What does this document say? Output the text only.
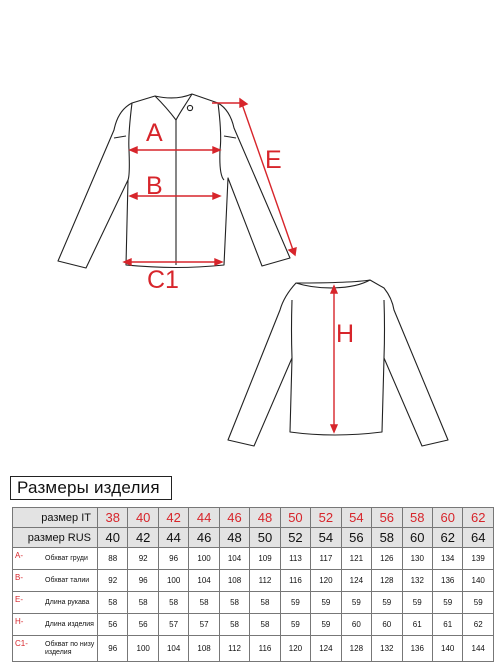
A
B
C1
E
H
Размеры изделия
размер IT	38	40	42	44	46	48	50	52	54	56	58	60	62
размер RUS	40	42	44	46	48	50	52	54	56	58	60	62	64

A- Обхват груди	88	92	96	100	104	109	113	117	121	126	130	134	139

B- Обхват талии	92	96	100	104	108	112	116	120	124	128	132	136	140

E- Длина рукава	58	58	58	58	58	58	59	59	59	59	59	59	59

H- Длина изделия	56	56	57	57	58	58	59	59	60	60	61	61	62

C1- Обхват по низу изделия	96	100	104	108	112	116	120	124	128	132	136	140	144
